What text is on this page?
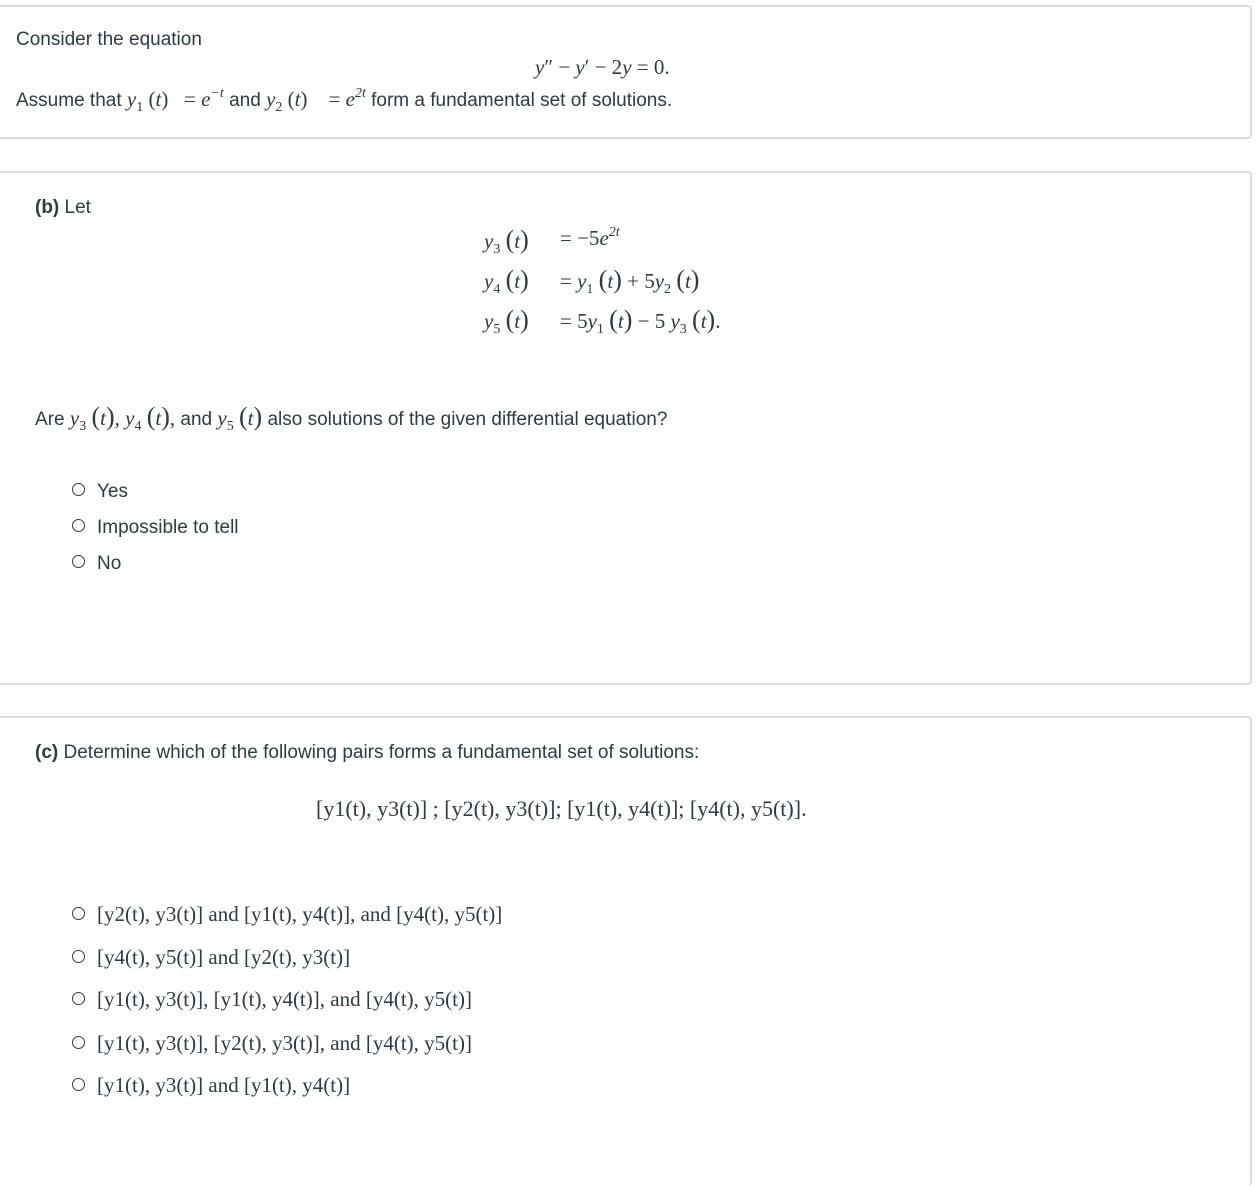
Consider the equation
y″ − y′ − 2y = 0.
Assume that $y_1$ $(t) = e^{-t}$ and $y_2$ (t)    = $e^{2t}$ form a fundamental set of solutions.
(b) Let
$y_3$ $(t) = -5e^{2t}$
$y_4$ $(t) = y_1$ $(t) + 5y_2$ (t)
$y_5$ $(t) = 5y_1$ (t) − 5 $y_3$ (t).
Are $y_3$ (t), $y_4$ (t), and $y_5$ (t) also solutions of the given differential equation?
Yes
Impossible to tell
No
(c) Determine which of the following pairs forms a fundamental set of solutions:
[y1(t), y3(t)] ; [y2(t), y3(t)]; [y1(t), y4(t)]; [y4(t), y5(t)].
[y2(t), y3(t)] and [y1(t), y4(t)], and [y4(t), y5(t)]
[y4(t), y5(t)] and [y2(t), y3(t)]
[y1(t), y3(t)], [y1(t), y4(t)], and [y4(t), y5(t)]
[y1(t), y3(t)], [y2(t), y3(t)], and [y4(t), y5(t)]
[y1(t), y3(t)] and [y1(t), y4(t)]
